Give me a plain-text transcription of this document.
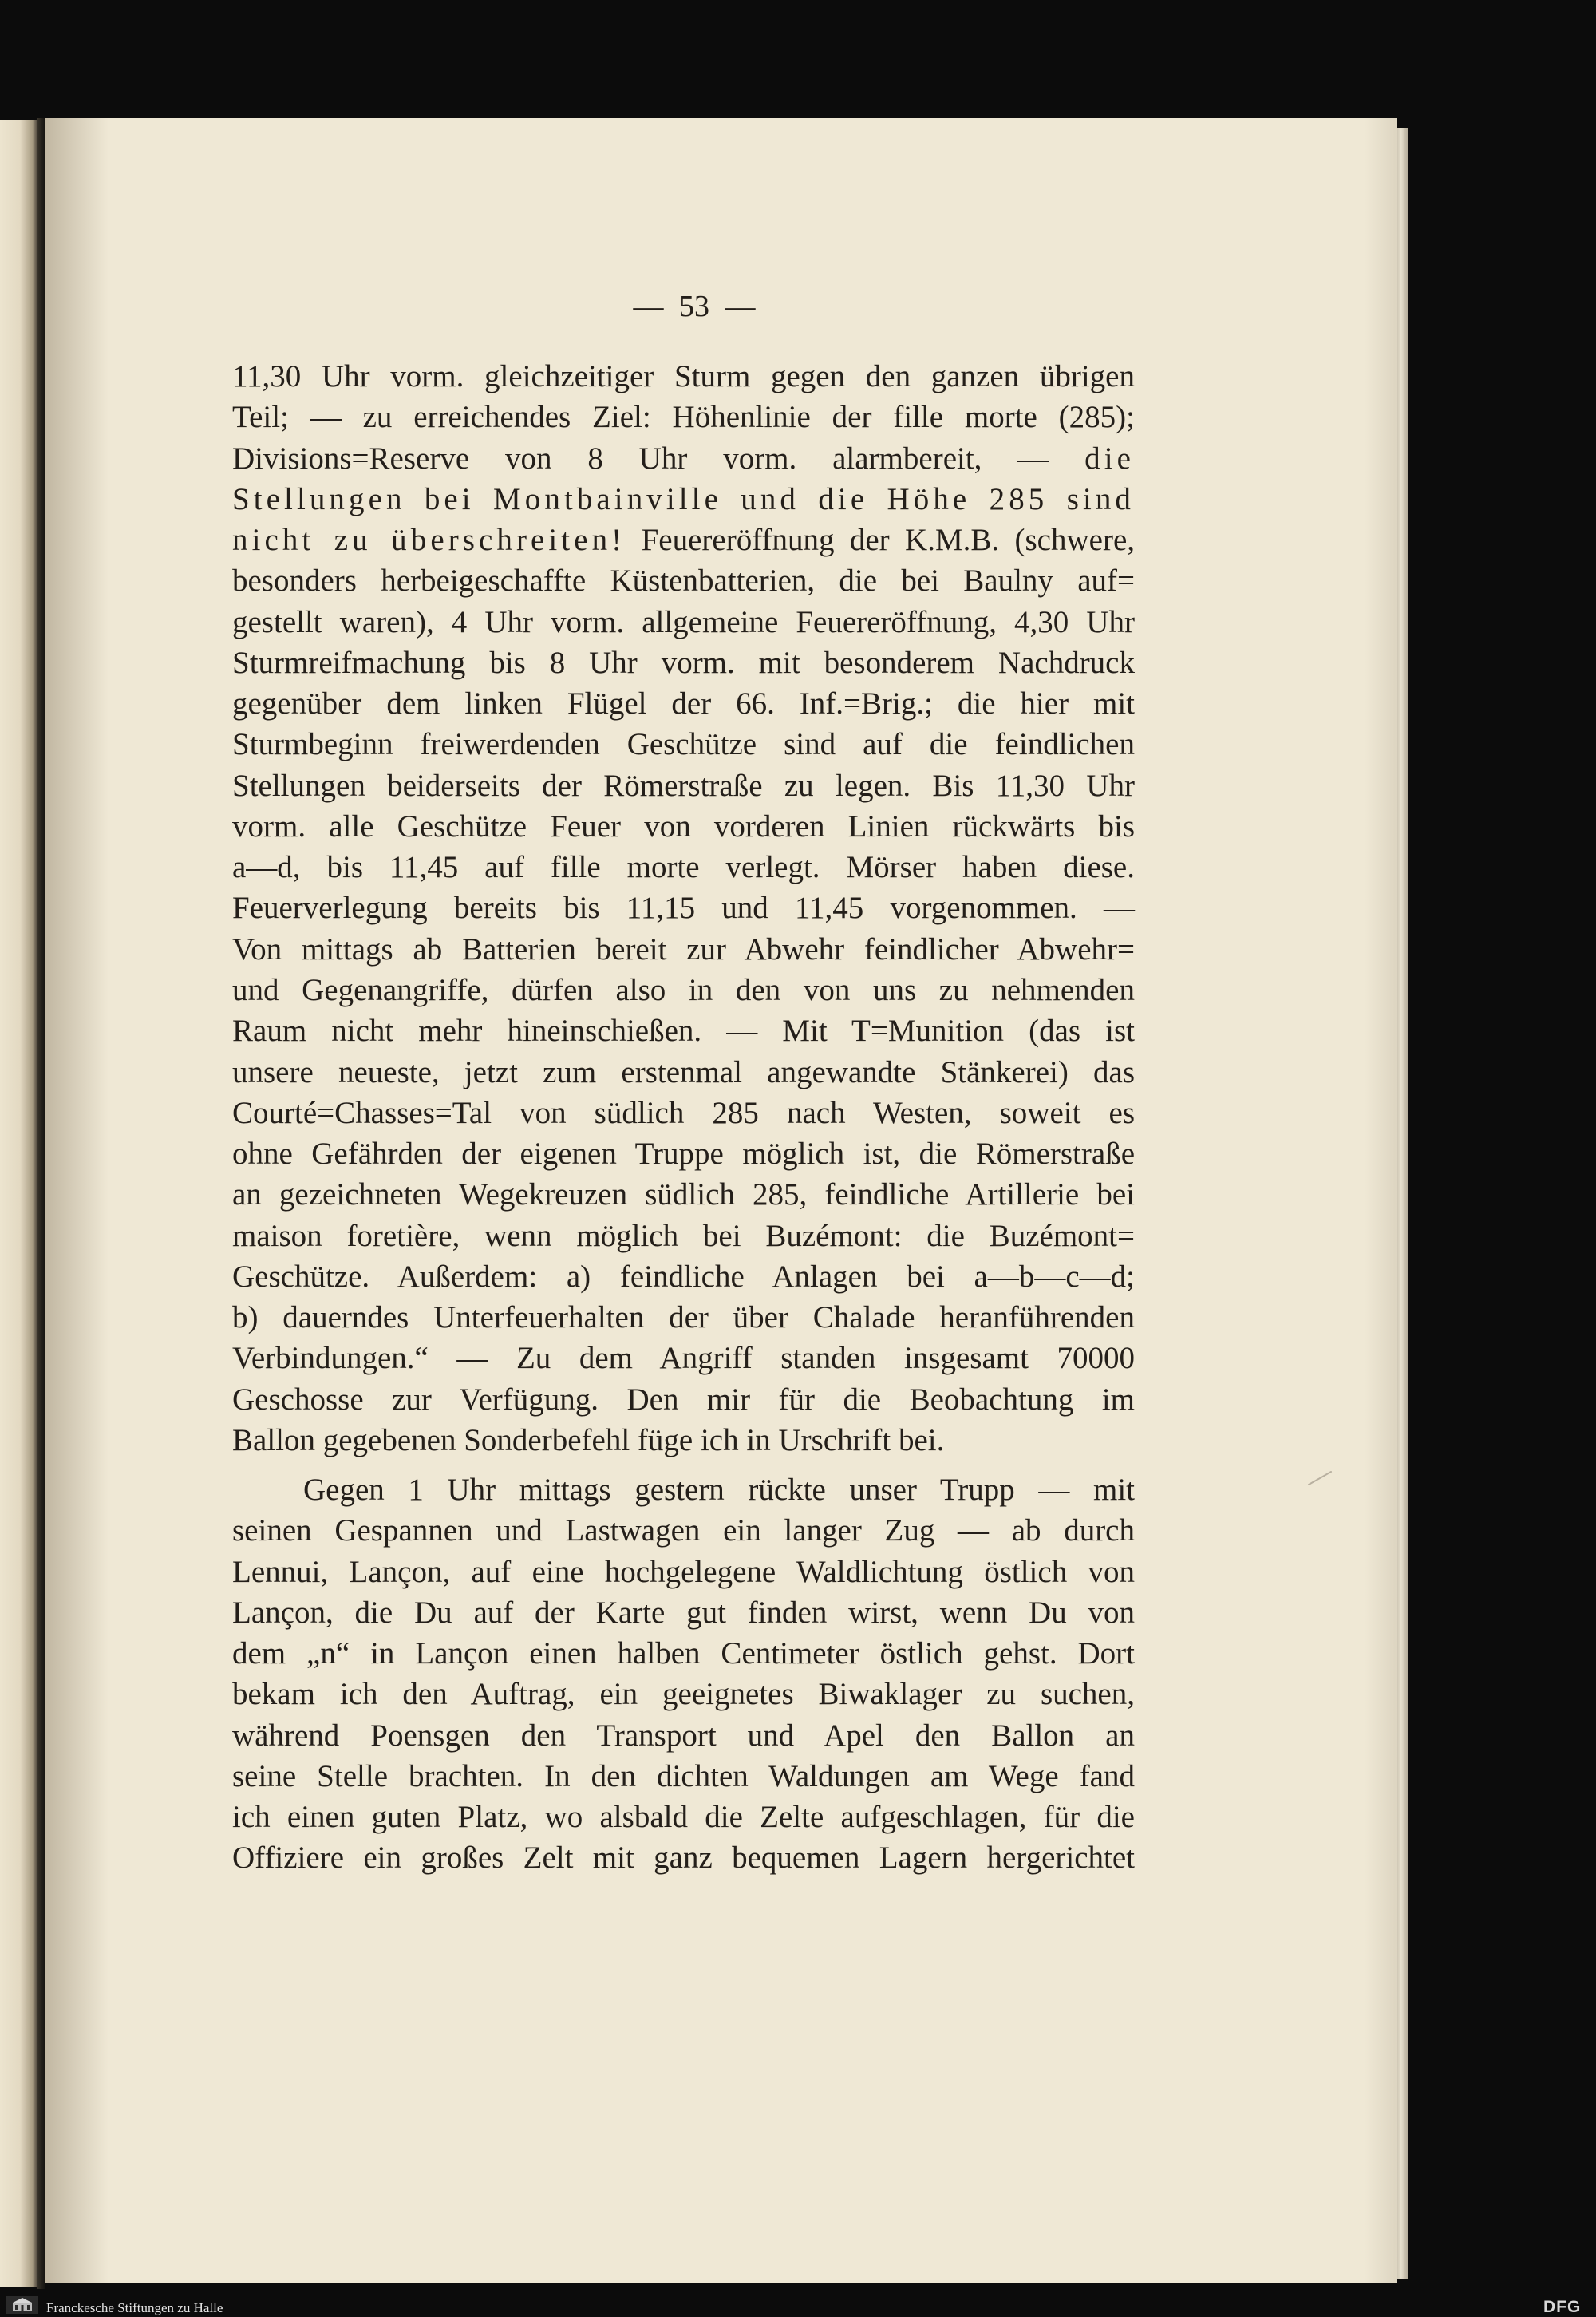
— 53 —
11,30 Uhr vorm. gleichzeitiger Sturm gegen den ganzen übrigen
Teil; — zu erreichendes Ziel: Höhenlinie der fille morte (285);
Divisions=Reserve von 8 Uhr vorm. alarmbereit, — die
Stellungen bei Montbainville und die Höhe 285 sind
nicht zu überschreiten! Feuereröffnung der K.M.B. (schwere,
besonders herbeigeschaffte Küstenbatterien, die bei Baulny auf=
gestellt waren), 4 Uhr vorm. allgemeine Feuereröffnung, 4,30 Uhr
Sturmreifmachung bis 8 Uhr vorm. mit besonderem Nachdruck
gegenüber dem linken Flügel der 66. Inf.=Brig.; die hier mit
Sturmbeginn freiwerdenden Geschütze sind auf die feindlichen
Stellungen beiderseits der Römerstraße zu legen. Bis 11,30 Uhr
vorm. alle Geschütze Feuer von vorderen Linien rückwärts bis
a—d, bis 11,45 auf fille morte verlegt. Mörser haben diese.
Feuerverlegung bereits bis 11,15 und 11,45 vorgenommen. —
Von mittags ab Batterien bereit zur Abwehr feindlicher Abwehr=
und Gegenangriffe, dürfen also in den von uns zu nehmenden
Raum nicht mehr hineinschießen. — Mit T=Munition (das ist
unsere neueste, jetzt zum erstenmal angewandte Stänkerei) das
Courté=Chasses=Tal von südlich 285 nach Westen, soweit es
ohne Gefährden der eigenen Truppe möglich ist, die Römerstraße
an gezeichneten Wegekreuzen südlich 285, feindliche Artillerie bei
maison foretière, wenn möglich bei Buzémont: die Buzémont=
Geschütze. Außerdem: a) feindliche Anlagen bei a—b—c—d;
b) dauerndes Unterfeuerhalten der über Chalade heranführenden
Verbindungen.“ — Zu dem Angriff standen insgesamt 70000
Geschosse zur Verfügung. Den mir für die Beobachtung im
Ballon gegebenen Sonderbefehl füge ich in Urschrift bei.
Gegen 1 Uhr mittags gestern rückte unser Trupp — mit
seinen Gespannen und Lastwagen ein langer Zug — ab durch
Lennui, Lançon, auf eine hochgelegene Waldlichtung östlich von
Lançon, die Du auf der Karte gut finden wirst, wenn Du von
dem „n“ in Lançon einen halben Centimeter östlich gehst. Dort
bekam ich den Auftrag, ein geeignetes Biwaklager zu suchen,
während Poensgen den Transport und Apel den Ballon an
seine Stelle brachten. In den dichten Waldungen am Wege fand
ich einen guten Platz, wo alsbald die Zelte aufgeschlagen, für die
Offiziere ein großes Zelt mit ganz bequemen Lagern hergerichtet
Franckesche Stiftungen zu Halle	DFG
